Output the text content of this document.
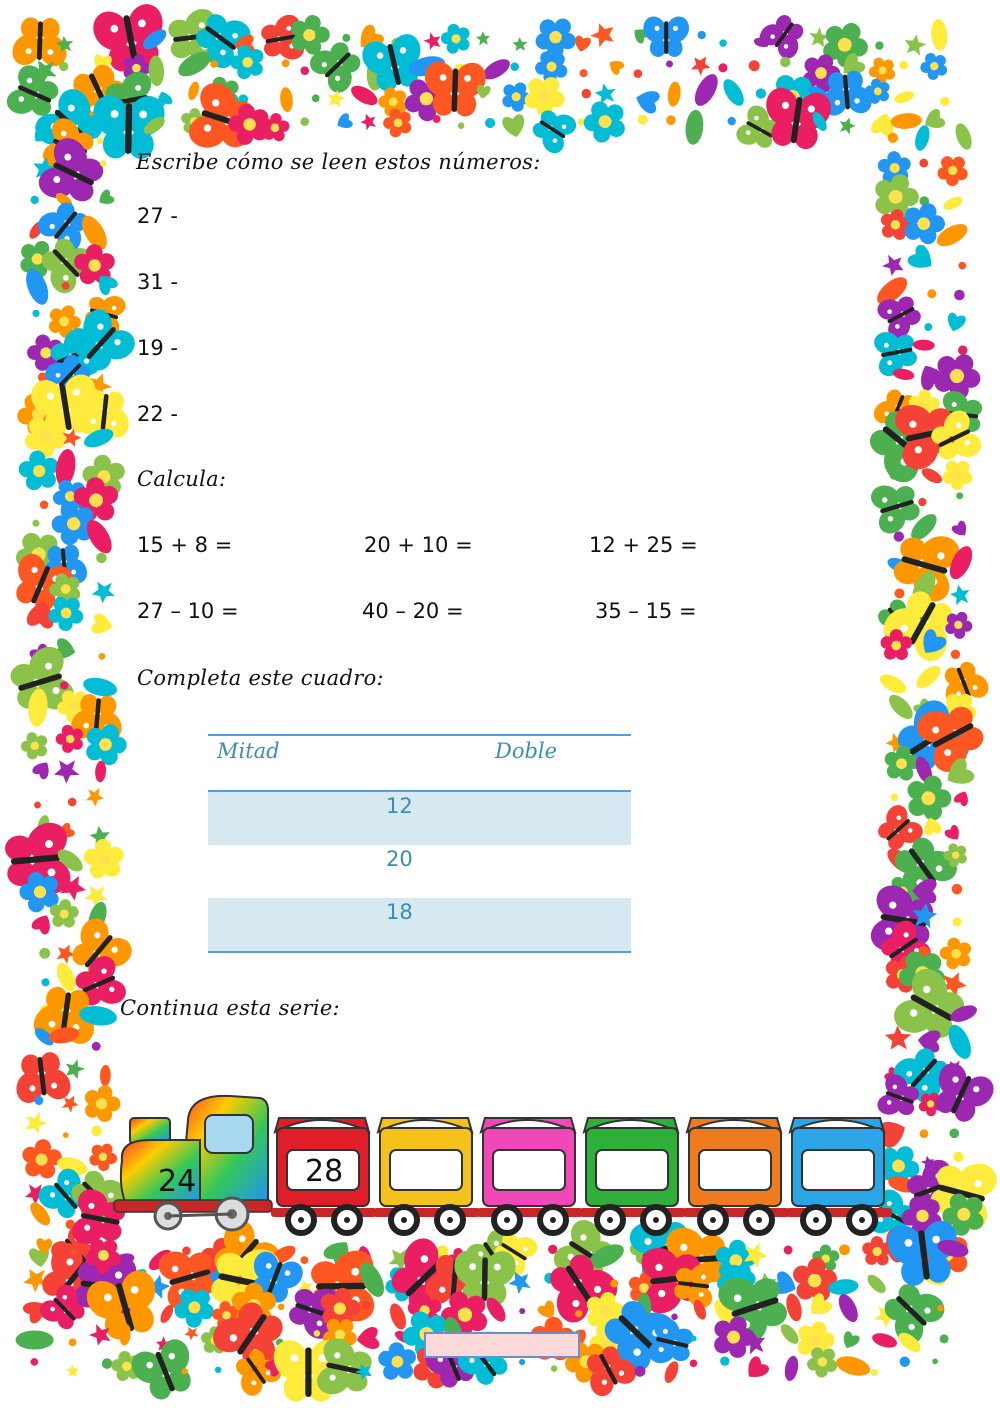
Escribe cómo se leen estos números:
27 -
31 -
19 -
22 -
Calcula:
15 + 8 =	20 + 10 =	12 + 25 =
27 – 10 =	40 – 20 =	35 – 15 =
Completa este cuadro:
Mitad	Doble
12
20
18
Continua esta serie:
24	28
